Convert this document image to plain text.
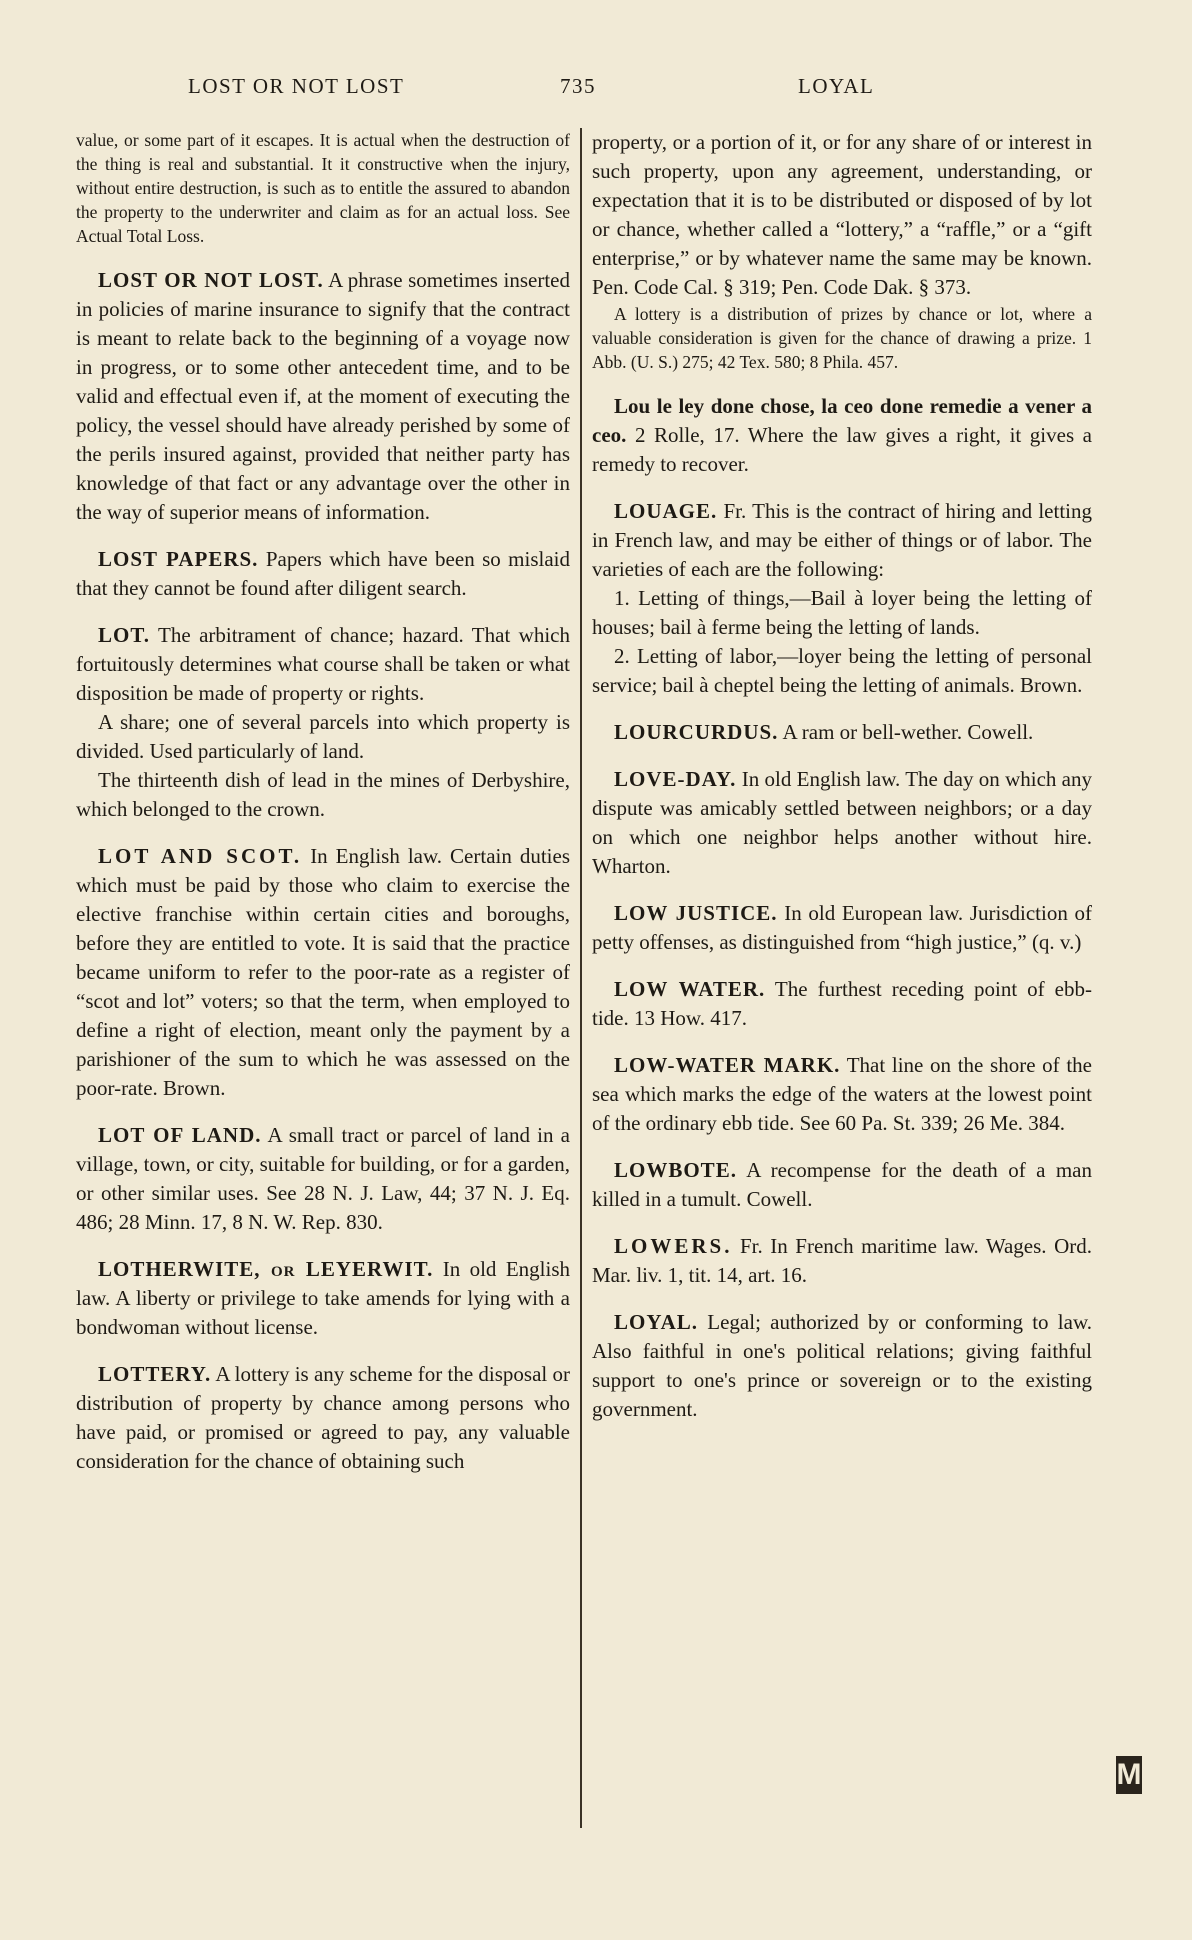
LOST OR NOT LOST	735	LOYAL

value, or some part of it escapes. It is actual when the destruction of the thing is real and substantial. It it constructive when the injury, without entire destruction, is such as to entitle the assured to abandon the property to the underwriter and claim as for an actual loss. See Actual Total Loss.

LOST OR NOT LOST. A phrase sometimes inserted in policies of marine insurance to signify that the contract is meant to relate back to the beginning of a voyage now in progress, or to some other antecedent time, and to be valid and effectual even if, at the moment of executing the policy, the vessel should have already perished by some of the perils insured against, provided that neither party has knowledge of that fact or any advantage over the other in the way of superior means of information.

LOST PAPERS. Papers which have been so mislaid that they cannot be found after diligent search.

LOT. The arbitrament of chance; hazard. That which fortuitously determines what course shall be taken or what disposition be made of property or rights.

A share; one of several parcels into which property is divided. Used particularly of land.

The thirteenth dish of lead in the mines of Derbyshire, which belonged to the crown.

LOT AND SCOT. In English law. Certain duties which must be paid by those who claim to exercise the elective franchise within certain cities and boroughs, before they are entitled to vote. It is said that the practice became uniform to refer to the poor-rate as a register of “scot and lot” voters; so that the term, when employed to define a right of election, meant only the payment by a parishioner of the sum to which he was assessed on the poor-rate. Brown.

LOT OF LAND. A small tract or parcel of land in a village, town, or city, suitable for building, or for a garden, or other similar uses. See 28 N. J. Law, 44; 37 N. J. Eq. 486; 28 Minn. 17, 8 N. W. Rep. 830.

LOTHERWITE, or LEYERWIT. In old English law. A liberty or privilege to take amends for lying with a bondwoman without license.

LOTTERY. A lottery is any scheme for the disposal or distribution of property by chance among persons who have paid, or promised or agreed to pay, any valuable consideration for the chance of obtaining such

property, or a portion of it, or for any share of or interest in such property, upon any agreement, understanding, or expectation that it is to be distributed or disposed of by lot or chance, whether called a “lottery,” a “raffle,” or a “gift enterprise,” or by whatever name the same may be known. Pen. Code Cal. § 319; Pen. Code Dak. § 373.

A lottery is a distribution of prizes by chance or lot, where a valuable consideration is given for the chance of drawing a prize. 1 Abb. (U. S.) 275; 42 Tex. 580; 8 Phila. 457.

Lou le ley done chose, la ceo done remedie a vener a ceo. 2 Rolle, 17. Where the law gives a right, it gives a remedy to recover.

LOUAGE. Fr. This is the contract of hiring and letting in French law, and may be either of things or of labor. The varieties of each are the following:

1. Letting of things,—Bail à loyer being the letting of houses; bail à ferme being the letting of lands.

2. Letting of labor,—loyer being the letting of personal service; bail à cheptel being the letting of animals. Brown.

LOURCURDUS. A ram or bell-wether. Cowell.

LOVE-DAY. In old English law. The day on which any dispute was amicably settled between neighbors; or a day on which one neighbor helps another without hire. Wharton.

LOW JUSTICE. In old European law. Jurisdiction of petty offenses, as distinguished from “high justice,” (q. v.)

LOW WATER. The furthest receding point of ebb-tide. 13 How. 417.

LOW-WATER MARK. That line on the shore of the sea which marks the edge of the waters at the lowest point of the ordinary ebb tide. See 60 Pa. St. 339; 26 Me. 384.

LOWBOTE. A recompense for the death of a man killed in a tumult. Cowell.

LOWERS. Fr. In French maritime law. Wages. Ord. Mar. liv. 1, tit. 14, art. 16.

LOYAL. Legal; authorized by or conforming to law. Also faithful in one's political relations; giving faithful support to one's prince or sovereign or to the existing government.

M
